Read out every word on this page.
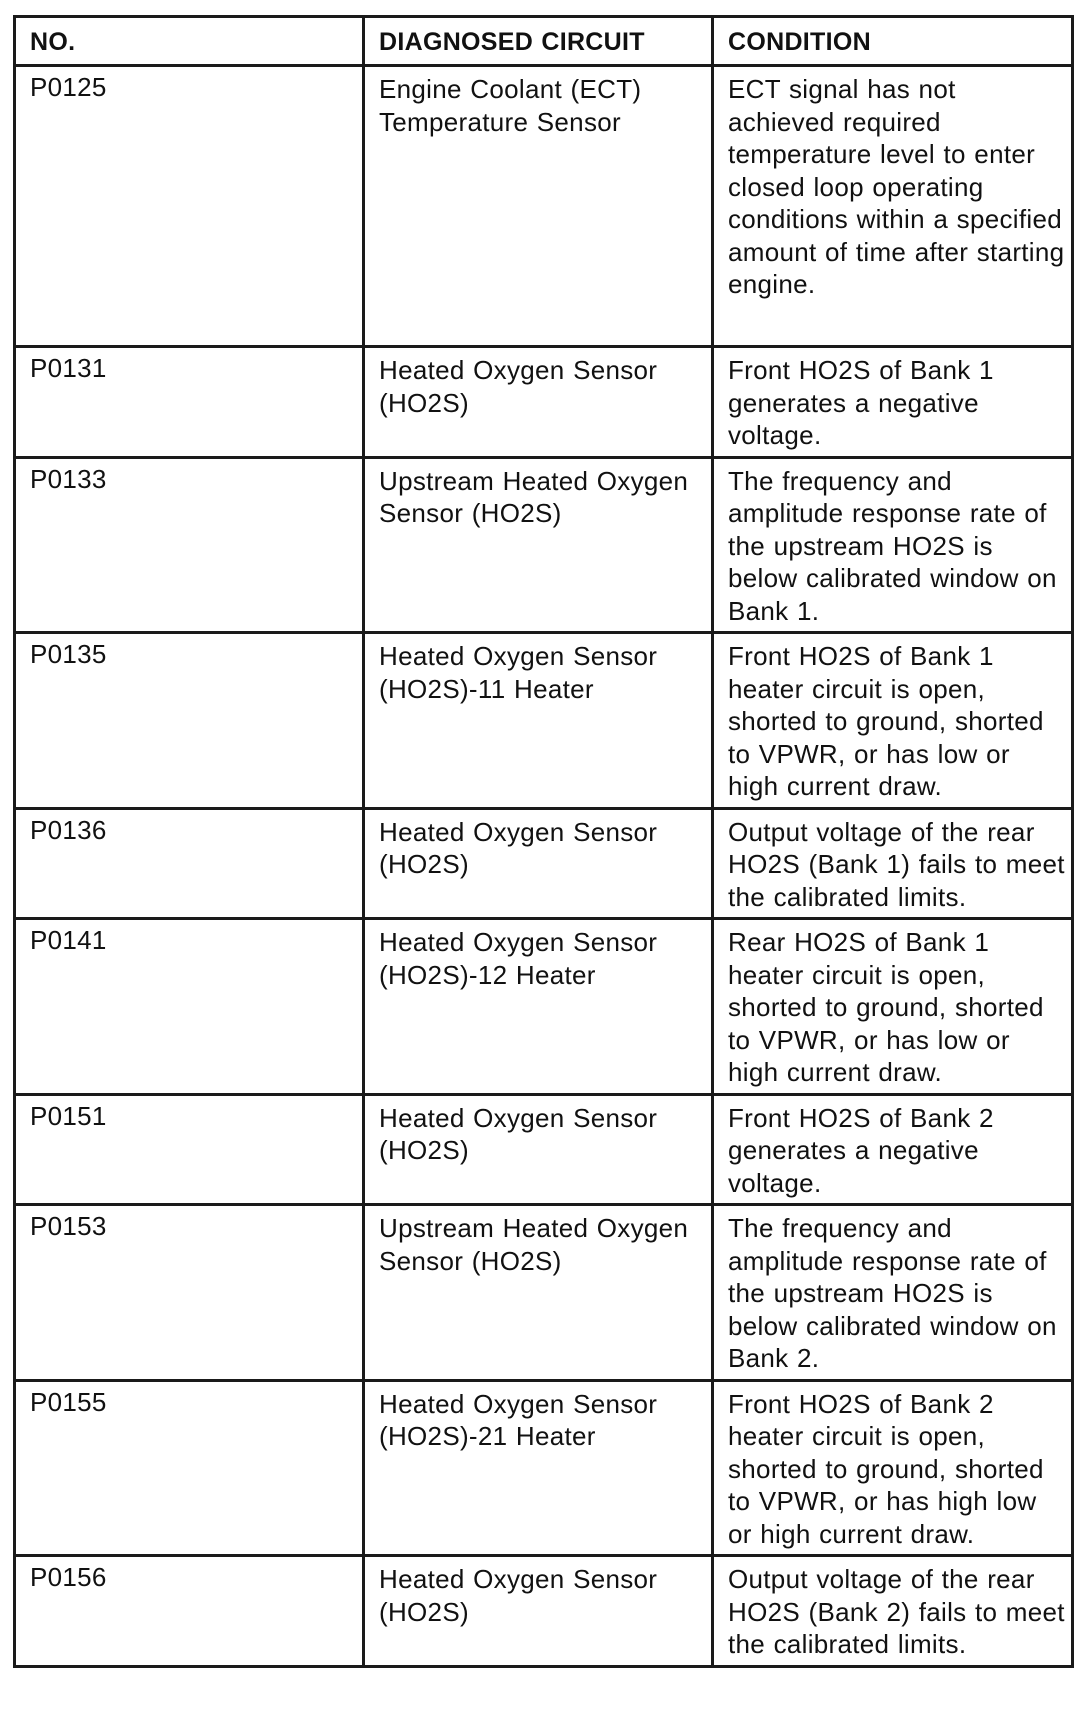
NO.	DIAGNOSED CIRCUIT	CONDITION
P0125	Engine Coolant (ECT) Temperature Sensor	ECT signal has not achieved required temperature level to enter closed loop operating conditions within a specified amount of time after starting engine.
P0131	Heated Oxygen Sensor (HO2S)	Front HO2S of Bank 1 generates a negative voltage.
P0133	Upstream Heated Oxygen Sensor (HO2S)	The frequency and amplitude response rate of the upstream HO2S is below calibrated window on Bank 1.
P0135	Heated Oxygen Sensor (HO2S)-11 Heater	Front HO2S of Bank 1 heater circuit is open, shorted to ground, shorted to VPWR, or has low or high current draw.
P0136	Heated Oxygen Sensor (HO2S)	Output voltage of the rear HO2S (Bank 1) fails to meet the calibrated limits.
P0141	Heated Oxygen Sensor (HO2S)-12 Heater	Rear HO2S of Bank 1 heater circuit is open, shorted to ground, shorted to VPWR, or has low or high current draw.
P0151	Heated Oxygen Sensor (HO2S)	Front HO2S of Bank 2 generates a negative voltage.
P0153	Upstream Heated Oxygen Sensor (HO2S)	The frequency and amplitude response rate of the upstream HO2S is below calibrated window on Bank 2.
P0155	Heated Oxygen Sensor (HO2S)-21 Heater	Front HO2S of Bank 2 heater circuit is open, shorted to ground, shorted to VPWR, or has high low or high current draw.
P0156	Heated Oxygen Sensor (HO2S)	Output voltage of the rear HO2S (Bank 2) fails to meet the calibrated limits.
